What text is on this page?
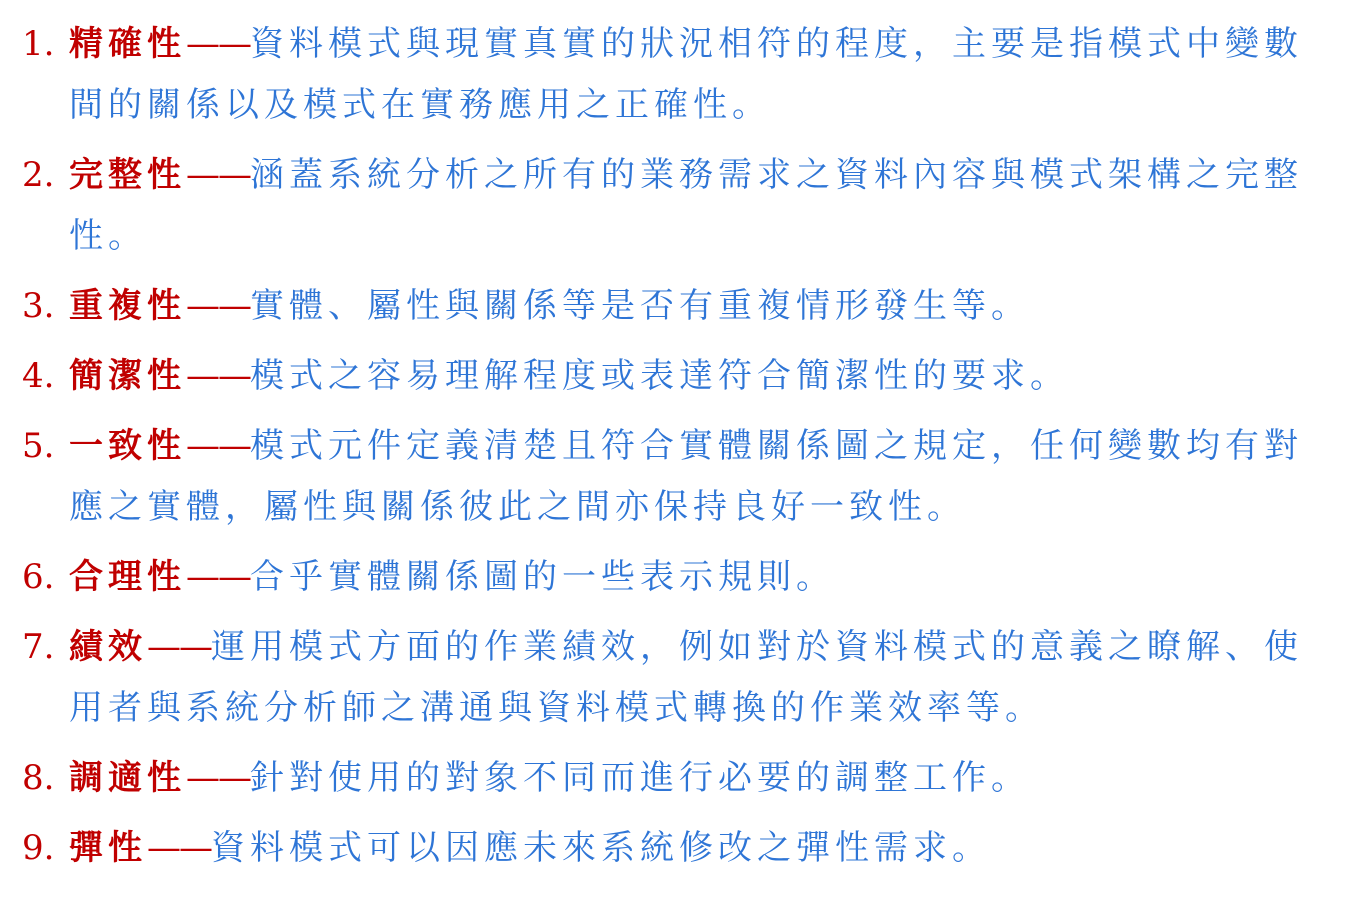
1. 精確性——資料模式與現實真實的狀況相符的程度，主要是指模式中變數間的關係以及模式在實務應用之正確性。
2. 完整性——涵蓋系統分析之所有的業務需求之資料內容與模式架構之完整性。
3. 重複性——實體、屬性與關係等是否有重複情形發生等。
4. 簡潔性——模式之容易理解程度或表達符合簡潔性的要求。
5. 一致性——模式元件定義清楚且符合實體關係圖之規定，任何變數均有對應之實體，屬性與關係彼此之間亦保持良好一致性。
6. 合理性——合乎實體關係圖的一些表示規則。
7. 績效——運用模式方面的作業績效，例如對於資料模式的意義之瞭解、使用者與系統分析師之溝通與資料模式轉換的作業效率等。
8. 調適性——針對使用的對象不同而進行必要的調整工作。
9. 彈性——資料模式可以因應未來系統修改之彈性需求。
